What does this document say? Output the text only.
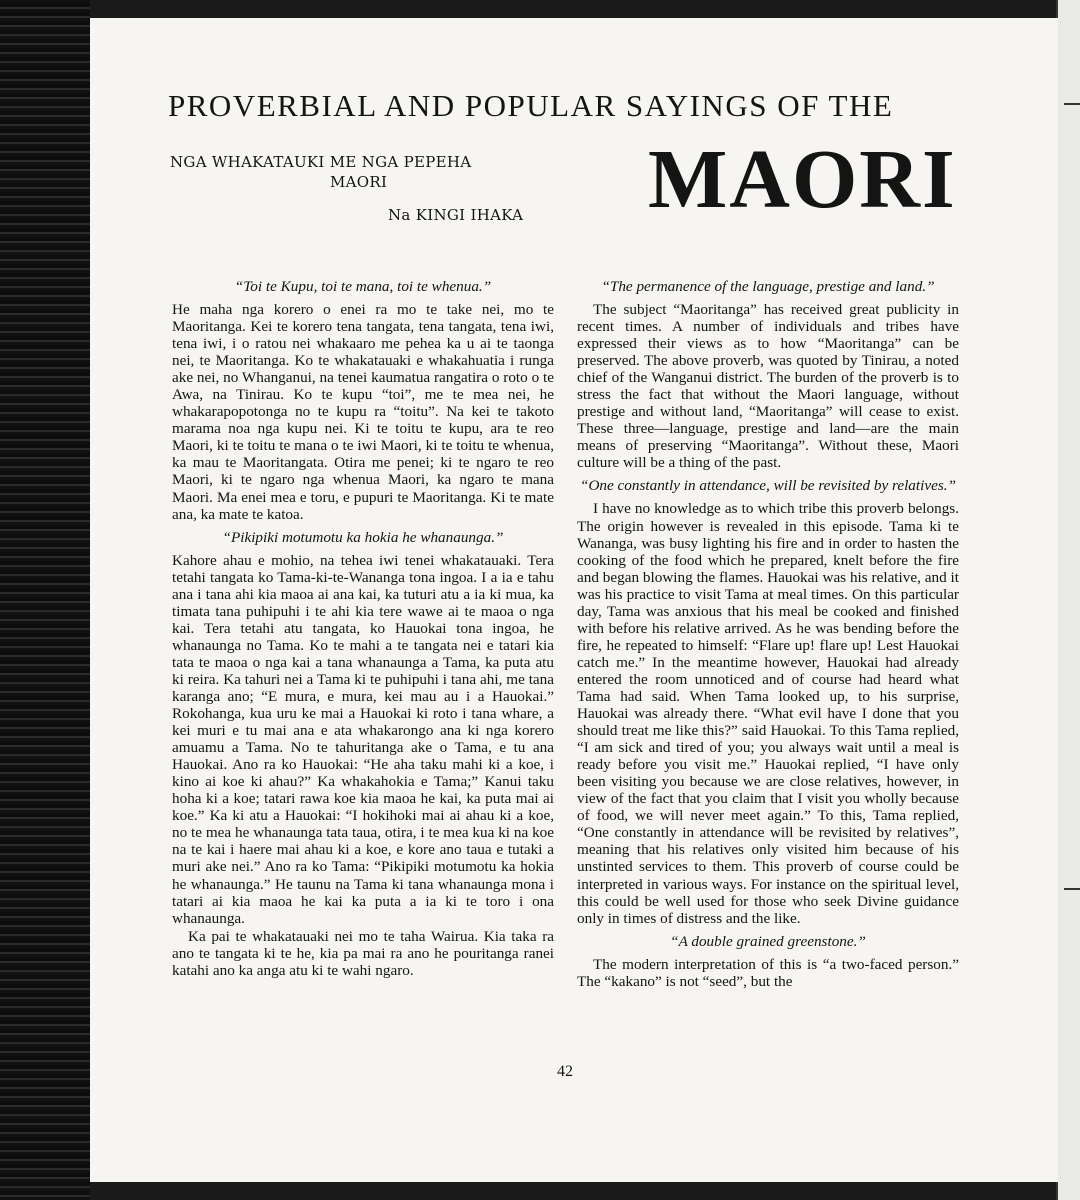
PROVERBIAL AND POPULAR SAYINGS OF THE
MAORI
NGA WHAKATAUKI ME NGA PEPEHA
MAORI
Na KINGI IHAKA

“Toi te Kupu, toi te mana, toi te whenua.”

He maha nga korero o enei ra mo te take nei, mo te Maoritanga. Kei te korero tena tangata, tena tangata, tena iwi, tena iwi, i o ratou nei whakaaro me pehea ka u ai te taonga nei, te Maoritanga. Ko te whakatauaki e whakahuatia i runga ake nei, no Whanganui, na tenei kaumatua rangatira o roto o te Awa, na Tinirau. Ko te kupu “toi”, me te mea nei, he whakarapopotonga no te kupu ra “toitu”. Na kei te takoto marama noa nga kupu nei. Ki te toitu te kupu, ara te reo Maori, ki te toitu te mana o te iwi Maori, ki te toitu te whenua, ka mau te Maoritangata. Otira me penei; ki te ngaro te reo Maori, ki te ngaro nga whenua Maori, ka ngaro te mana Maori. Ma enei mea e toru, e pupuri te Maoritanga. Ki te mate ana, ka mate te katoa.

“Pikipiki motumotu ka hokia he whanaunga.”

Kahore ahau e mohio, na tehea iwi tenei whakatauaki. Tera tetahi tangata ko Tama-ki-te-Wananga tona ingoa. I a ia e tahu ana i tana ahi kia maoa ai ana kai, ka tuturi atu a ia ki mua, ka timata tana puhipuhi i te ahi kia tere wawe ai te maoa o nga kai. Tera tetahi atu tangata, ko Hauokai tona ingoa, he whanaunga no Tama. Ko te mahi a te tangata nei e tatari kia tata te maoa o nga kai a tana whanaunga a Tama, ka puta atu ki reira. Ka tahuri nei a Tama ki te puhipuhi i tana ahi, me tana karanga ano; “E mura, e mura, kei mau au i a Hauokai.” Rokohanga, kua uru ke mai a Hauokai ki roto i tana whare, a kei muri e tu mai ana e ata whakarongo ana ki nga korero amuamu a Tama. No te tahuritanga ake o Tama, e tu ana Hauokai. Ano ra ko Hauokai: “He aha taku mahi ki a koe, i kino ai koe ki ahau?” Ka whakahokia e Tama;” Kanui taku hoha ki a koe; tatari rawa koe kia maoa he kai, ka puta mai ai koe.” Ka ki atu a Hauokai: “I hokihoki mai ai ahau ki a koe, no te mea he whanaunga tata taua, otira, i te mea kua ki na koe na te kai i haere mai ahau ki a koe, e kore ano taua e tutaki a muri ake nei.” Ano ra ko Tama: “Pikipiki motumotu ka hokia he whanaunga.” He taunu na Tama ki tana whanaunga mona i tatari ai kia maoa he kai ka puta a ia ki te toro i ona whanaunga.

Ka pai te whakatauaki nei mo te taha Wairua. Kia taka ra ano te tangata ki te he, kia pa mai ra ano he pouritanga ranei katahi ano ka anga atu ki te wahi ngaro.

“The permanence of the language, prestige and land.”

The subject “Maoritanga” has received great publicity in recent times. A number of individuals and tribes have expressed their views as to how “Maoritanga” can be preserved. The above proverb, was quoted by Tinirau, a noted chief of the Wanganui district. The burden of the proverb is to stress the fact that without the Maori language, without prestige and without land, “Maoritanga” will cease to exist. These three—language, prestige and land—are the main means of preserving “Maoritanga”. Without these, Maori culture will be a thing of the past.

“One constantly in attendance, will be revisited by relatives.”

I have no knowledge as to which tribe this proverb belongs. The origin however is revealed in this episode. Tama ki te Wananga, was busy lighting his fire and in order to hasten the cooking of the food which he prepared, knelt before the fire and began blowing the flames. Hauokai was his relative, and it was his practice to visit Tama at meal times. On this particular day, Tama was anxious that his meal be cooked and finished with before his relative arrived. As he was bending before the fire, he repeated to himself: “Flare up! flare up! Lest Hauokai catch me.” In the meantime however, Hauokai had already entered the room unnoticed and of course had heard what Tama had said. When Tama looked up, to his surprise, Hauokai was already there. “What evil have I done that you should treat me like this?” said Hauokai. To this Tama replied, “I am sick and tired of you; you always wait until a meal is ready before you visit me.” Hauokai replied, “I have only been visiting you because we are close relatives, however, in view of the fact that you claim that I visit you wholly because of food, we will never meet again.” To this, Tama replied, “One constantly in attendance will be revisited by relatives”, meaning that his relatives only visited him because of his unstinted services to them. This proverb of course could be interpreted in various ways. For instance on the spiritual level, this could be well used for those who seek Divine guidance only in times of distress and the like.

“A double grained greenstone.”

The modern interpretation of this is “a two-faced person.” The “kakano” is not “seed”, but the

42
